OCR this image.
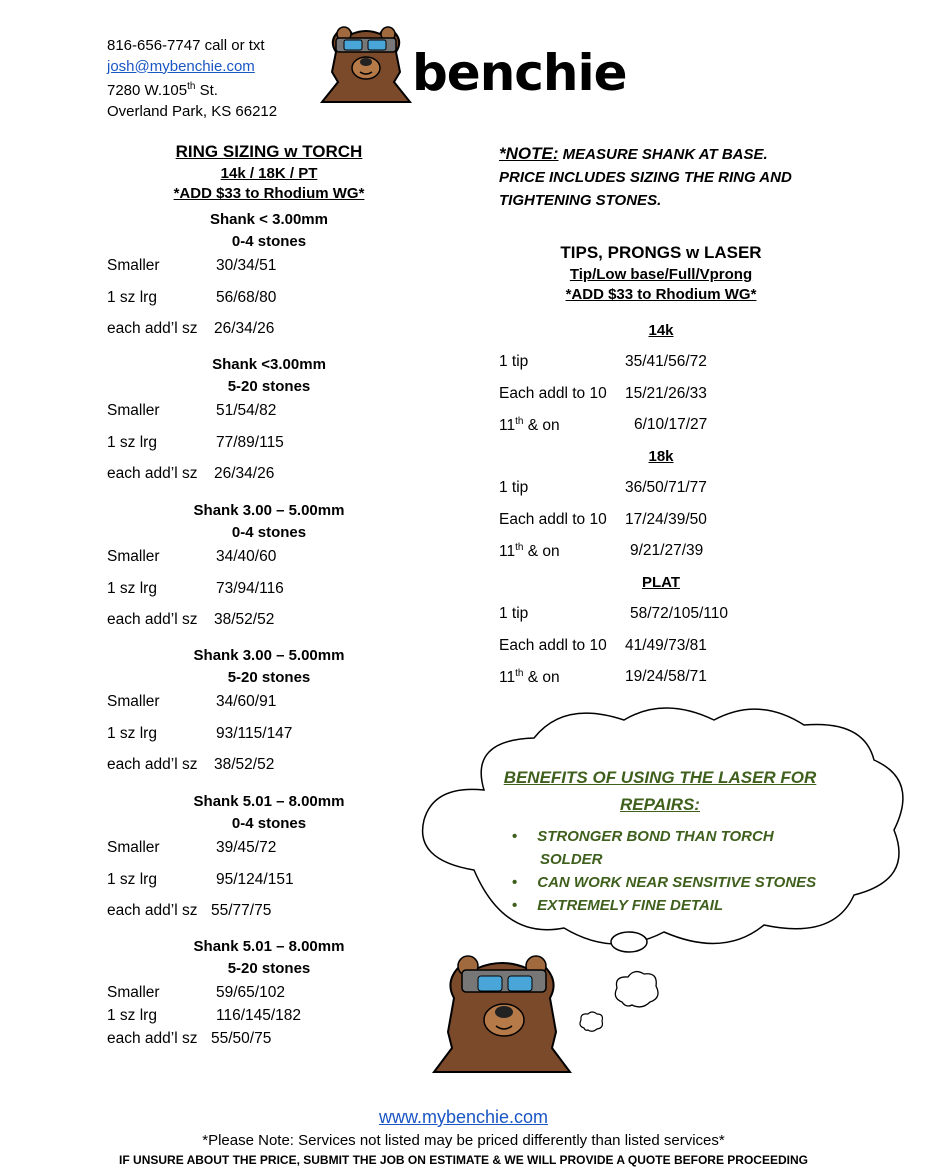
816-656-7747 call or txt
josh@mybenchie.com
7280 W.105th St.
Overland Park, KS 66212
benchie
RING SIZING w TORCH
14k / 18K / PT
*ADD $33 to Rhodium WG*
Shank < 3.00mm
0-4 stones
Smaller	30/34/51
1 sz lrg	56/68/80
each add’l sz 26/34/26
Shank <3.00mm
5-20 stones
Smaller	51/54/82
1 sz lrg	77/89/115
each add’l sz 26/34/26
Shank 3.00 – 5.00mm
0-4 stones
Smaller	34/40/60
1 sz lrg	73/94/116
each add’l sz 38/52/52
Shank 3.00 – 5.00mm
5-20 stones
Smaller	34/60/91
1 sz lrg	93/115/147
each add’l sz 38/52/52
Shank 5.01 – 8.00mm
0-4 stones
Smaller	39/45/72
1 sz lrg	95/124/151
each add’l sz 55/77/75
Shank 5.01 – 8.00mm
5-20 stones
Smaller	59/65/102
1 sz lrg	116/145/182
each add’l sz 55/50/75
*NOTE: MEASURE SHANK AT BASE.
PRICE INCLUDES SIZING THE RING AND
TIGHTENING STONES.
TIPS, PRONGS w LASER
Tip/Low base/Full/Vprong
*ADD $33 to Rhodium WG*
14k
1 tip	35/41/56/72
Each addl to 10 15/21/26/33
11th & on	6/10/17/27
18k
1 tip	36/50/71/77
Each addl to 10 17/24/39/50
11th & on	9/21/27/39
PLAT
1 tip	58/72/105/110
Each addl to 10 41/49/73/81
11th & on	19/24/58/71
BENEFITS OF USING THE LASER FOR
REPAIRS:
• STRONGER BOND THAN TORCH
SOLDER
• CAN WORK NEAR SENSITIVE STONES
• EXTREMELY FINE DETAIL
www.mybenchie.com
*Please Note: Services not listed may be priced differently than listed services*
IF UNSURE ABOUT THE PRICE, SUBMIT THE JOB ON ESTIMATE & WE WILL PROVIDE A QUOTE BEFORE PROCEEDING
